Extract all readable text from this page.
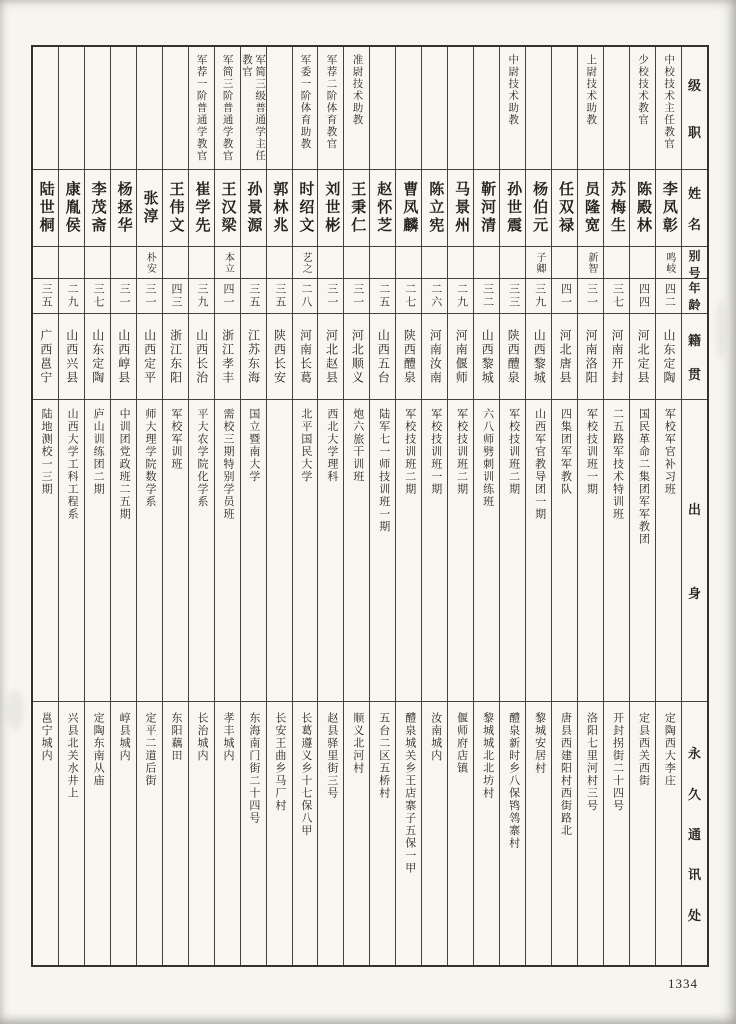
级
职
姓
名
别
号
年
龄
籍
贯
出
身
永
久
通
讯
处
中校技术主任教官
李凤彰
鸣岐
四二
山东定陶
军校军官补习班
定陶西大李庄
少校技术教官
陈殿林
四四
河北定县
国民革命二集团军军教团
定县西关西街
苏梅生
三七
河南开封
二五路军技术特训班
开封拐街二十四号
上尉技术助教
员隆宽
新智
三一
河南洛阳
军校技训班一期
洛阳七里河村三号
任双禄
四一
河北唐县
四集团军军教队
唐县西建阳村西街路北
杨伯元
子卿
三九
山西黎城
山西军官教导团一期
黎城安居村
中尉技术助教
孙世震
三三
陕西醴泉
军校技训班二期
醴泉新时乡八保鸨鸰寨村
靳河清
三二
山西黎城
六八师劈刺训练班
黎城城北北坊村
马景州
二九
河南偃师
军校技训班二期
偃师府店镇
陈立宪
二六
河南汝南
军校技训班一期
汝南城内
曹凤麟
二七
陕西醴泉
军校技训班二期
醴泉城关乡王店寨子五保一甲
赵怀芝
二五
山西五台
陆军七一师技训班一期
五台二区五桥村
准尉技术助教
王秉仁
三一
河北顺义
炮六旅干训班
顺义北河村
军荐二阶体育教官
刘世彬
三一
河北赵县
西北大学理科
赵县驿里街三号
军委一阶体育助教
时绍文
艺之
二八
河南长葛
北平国民大学
长葛遵义乡十七保八甲
郭林兆
三五
陕西长安
长安王曲乡马厂村
军简三级普通学主任教官
孙景源
三五
江苏东海
国立暨南大学
东海南门街二十四号
军简三阶普通学教官
王汉梁
本立
四一
浙江孝丰
需校三期特别学员班
孝丰城内
军荐一阶普通学教官
崔学先
三九
山西长治
平大农学院化学系
长治城内
王伟文
四三
浙江东阳
军校军训班
东阳藕田
张淳
朴安
三一
山西定平
师大理学院数学系
定平二道后街
杨拯华
三一
山西崞县
中训团党政班二五期
崞县城内
李茂斋
三七
山东定陶
庐山训练团二期
定陶东南从庙
康胤侯
二九
山西兴县
山西大学工科工程系
兴县北关水井上
陆世桐
三五
广西邕宁
陆地测校一三期
邕宁城内
1334
